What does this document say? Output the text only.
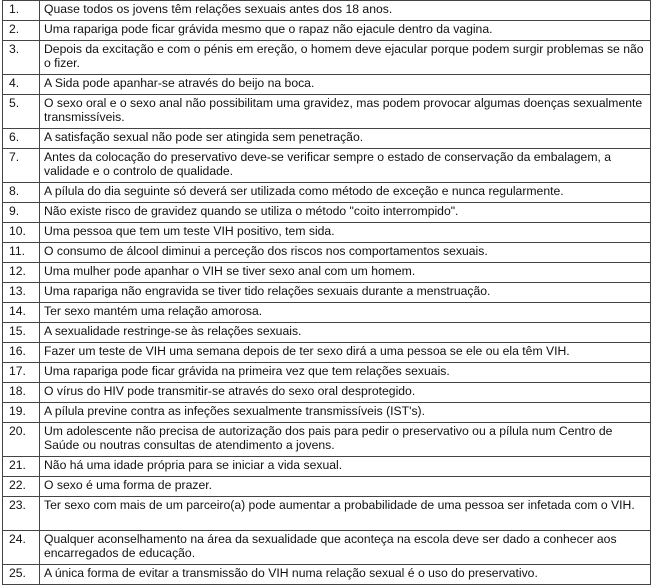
1.	Quase todos os jovens têm relações sexuais antes dos 18 anos.
2.	Uma rapariga pode ficar grávida mesmo que o rapaz não ejacule dentro da vagina.
3.	Depois da excitação e com o pénis em ereção, o homem deve ejacular porque podem surgir problemas se não o fizer.
4.	A Sida pode apanhar-se através do beijo na boca.
5.	O sexo oral e o sexo anal não possibilitam uma gravidez, mas podem provocar algumas doenças sexualmente transmissíveis.
6.	A satisfação sexual não pode ser atingida sem penetração.
7.	Antes da colocação do preservativo deve-se verificar sempre o estado de conservação da embalagem, a validade e o controlo de qualidade.
8.	A pílula do dia seguinte só deverá ser utilizada como método de exceção e nunca regularmente.
9.	Não existe risco de gravidez quando se utiliza o método "coito interrompido".
10.	Uma pessoa que tem um teste VIH positivo, tem sida.
11.	O consumo de álcool diminui a perceção dos riscos nos comportamentos sexuais.
12.	Uma mulher pode apanhar o VIH se tiver sexo anal com um homem.
13.	Uma rapariga não engravida se tiver tido relações sexuais durante a menstruação.
14.	Ter sexo mantém uma relação amorosa.
15.	A sexualidade restringe-se às relações sexuais.
16.	Fazer um teste de VIH uma semana depois de ter sexo dirá a uma pessoa se ele ou ela têm VIH.
17.	Uma rapariga pode ficar grávida na primeira vez que tem relações sexuais.
18.	O vírus do HIV pode transmitir-se através do sexo oral desprotegido.
19.	A pílula previne contra as infeções sexualmente transmissíveis (IST's).
20.	Um adolescente não precisa de autorização dos pais para pedir o preservativo ou a pílula num Centro de Saúde ou noutras consultas de atendimento a jovens.
21.	Não há uma idade própria para se iniciar a vida sexual.
22.	O sexo é uma forma de prazer.
23.	Ter sexo com mais de um parceiro(a) pode aumentar a probabilidade de uma pessoa ser infetada com o VIH.
24.	Qualquer aconselhamento na área da sexualidade que aconteça na escola deve ser dado a conhecer aos encarregados de educação.
25.	A única forma de evitar a transmissão do VIH numa relação sexual é o uso do preservativo.
